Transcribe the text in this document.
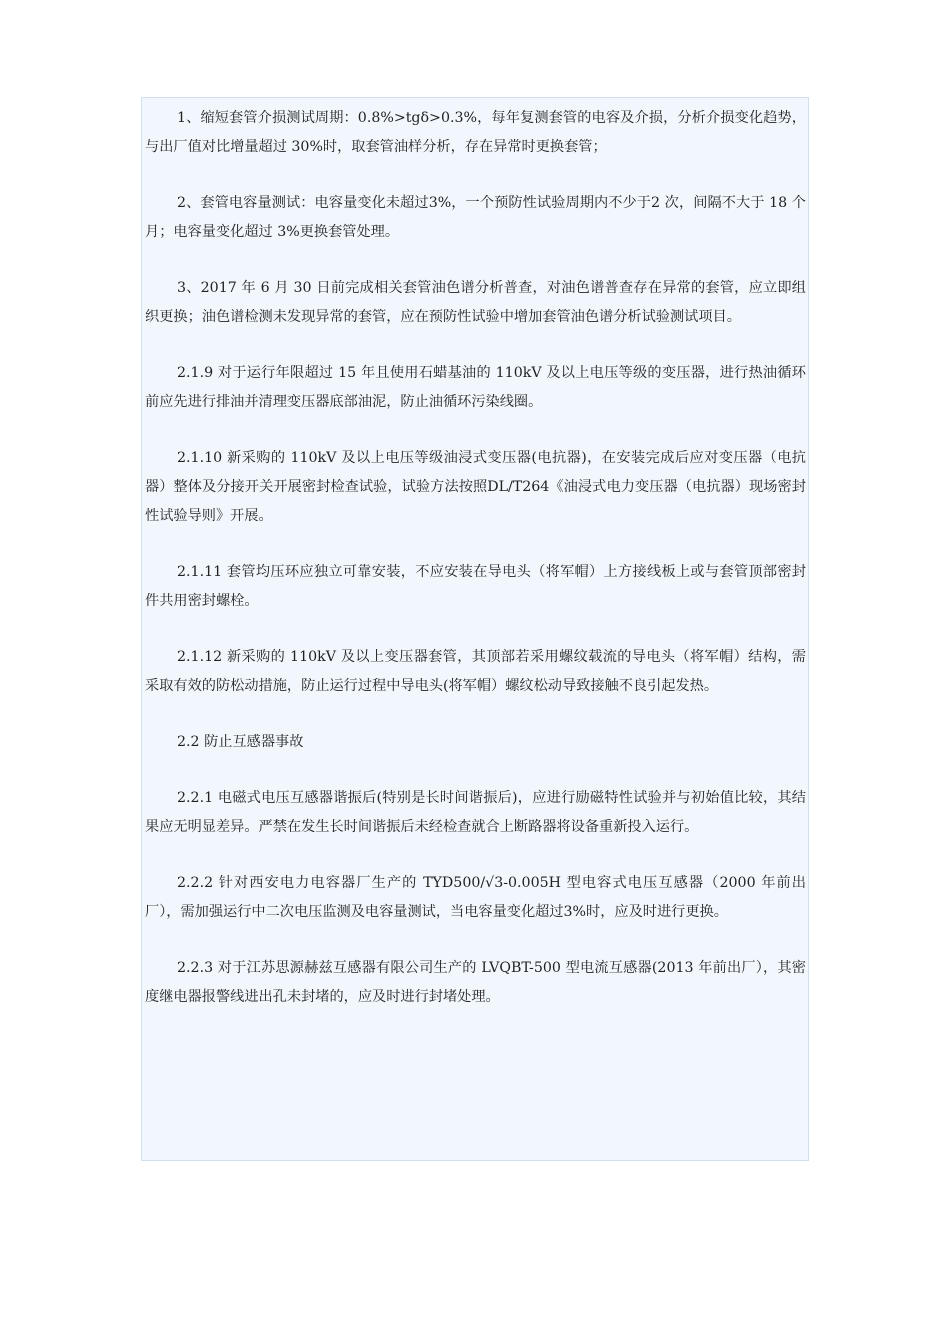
1、缩短套管介损测试周期：0.8%>tgδ>0.3%，每年复测套管的电容及介损，分析介损变化趋势，与出厂值对比增量超过 30%时，取套管油样分析，存在异常时更换套管；

2、套管电容量测试：电容量变化未超过3%，一个预防性试验周期内不少于2 次，间隔不大于 18 个月；电容量变化超过 3%更换套管处理。

3、2017 年 6 月 30 日前完成相关套管油色谱分析普查，对油色谱普查存在异常的套管，应立即组织更换；油色谱检测未发现异常的套管，应在预防性试验中增加套管油色谱分析试验测试项目。

2.1.9 对于运行年限超过 15 年且使用石蜡基油的 110kV 及以上电压等级的变压器，进行热油循环前应先进行排油并清理变压器底部油泥，防止油循环污染线圈。

2.1.10 新采购的 110kV 及以上电压等级油浸式变压器(电抗器)，在安装完成后应对变压器（电抗器）整体及分接开关开展密封检查试验，试验方法按照DL/T264《油浸式电力变压器（电抗器）现场密封性试验导则》开展。

2.1.11 套管均压环应独立可靠安装，不应安装在导电头（将军帽）上方接线板上或与套管顶部密封件共用密封螺栓。

2.1.12 新采购的 110kV 及以上变压器套管，其顶部若采用螺纹载流的导电头（将军帽）结构，需采取有效的防松动措施，防止运行过程中导电头(将军帽）螺纹松动导致接触不良引起发热。

2.2 防止互感器事故

2.2.1 电磁式电压互感器谐振后(特别是长时间谐振后)，应进行励磁特性试验并与初始值比较，其结果应无明显差异。严禁在发生长时间谐振后未经检查就合上断路器将设备重新投入运行。

2.2.2 针对西安电力电容器厂生产的 TYD500/√3-0.005H 型电容式电压互感器（2000 年前出厂），需加强运行中二次电压监测及电容量测试，当电容量变化超过3%时，应及时进行更换。

2.2.3 对于江苏思源赫兹互感器有限公司生产的 LVQBT-500 型电流互感器(2013 年前出厂），其密度继电器报警线进出孔未封堵的，应及时进行封堵处理。
